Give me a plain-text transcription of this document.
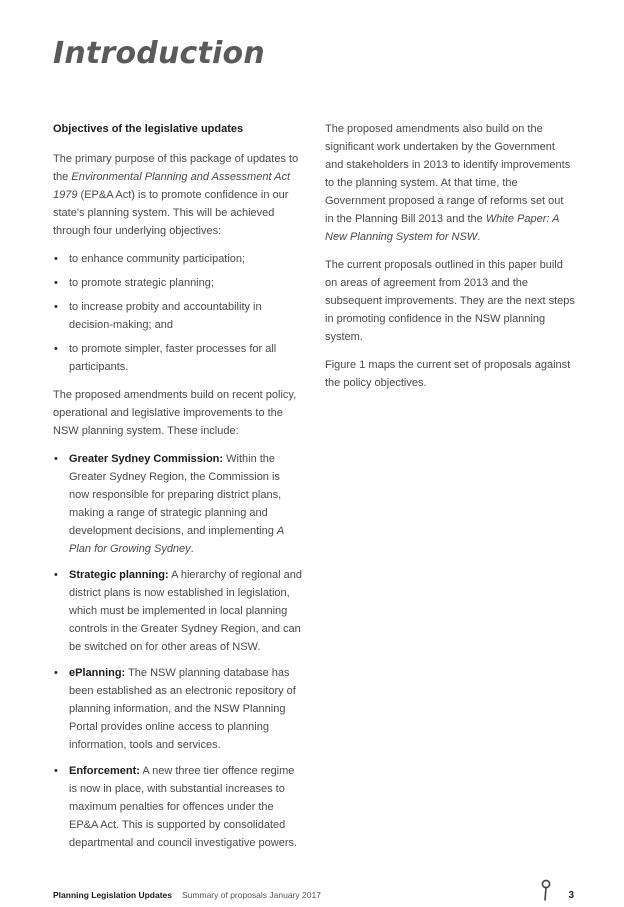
Introduction
Objectives of the legislative updates

The primary purpose of this package of updates to the Environmental Planning and Assessment Act 1979 (EP&A Act) is to promote confidence in our state's planning system. This will be achieved through four underlying objectives:

• to enhance community participation;
• to promote strategic planning;
• to increase probity and accountability in decision-making; and
• to promote simpler, faster processes for all participants.

The proposed amendments build on recent policy, operational and legislative improvements to the NSW planning system. These include:

• Greater Sydney Commission: Within the Greater Sydney Region, the Commission is now responsible for preparing district plans, making a range of strategic planning and development decisions, and implementing A Plan for Growing Sydney.
• Strategic planning: A hierarchy of regional and district plans is now established in legislation, which must be implemented in local planning controls in the Greater Sydney Region, and can be switched on for other areas of NSW.
• ePlanning: The NSW planning database has been established as an electronic repository of planning information, and the NSW Planning Portal provides online access to planning information, tools and services.
• Enforcement: A new three tier offence regime is now in place, with substantial increases to maximum penalties for offences under the EP&A Act. This is supported by consolidated departmental and council investigative powers.

The proposed amendments also build on the significant work undertaken by the Government and stakeholders in 2013 to identify improvements to the planning system. At that time, the Government proposed a range of reforms set out in the Planning Bill 2013 and the White Paper: A New Planning System for NSW.

The current proposals outlined in this paper build on areas of agreement from 2013 and the subsequent improvements. They are the next steps in promoting confidence in the NSW planning system.

Figure 1 maps the current set of proposals against the policy objectives.

Planning Legislation Updates Summary of proposals January 2017	3
